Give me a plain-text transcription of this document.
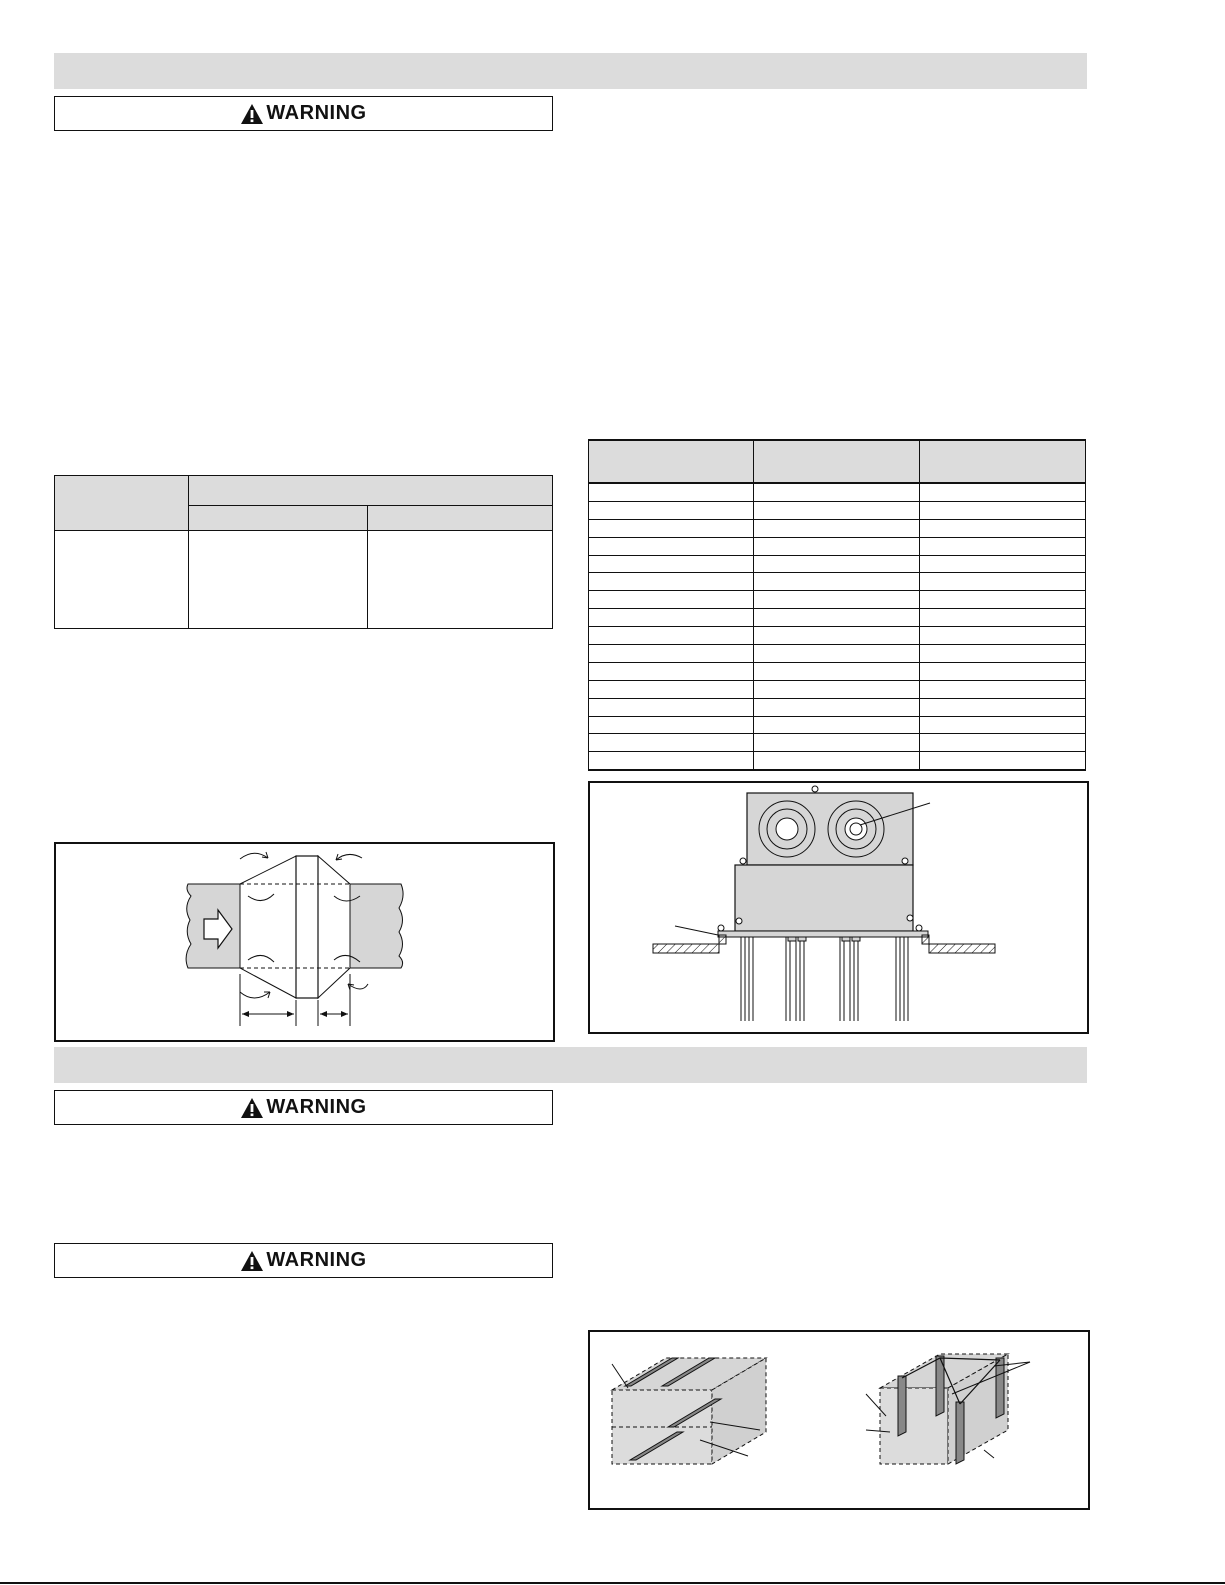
WARNING

WARNING
WARNING
